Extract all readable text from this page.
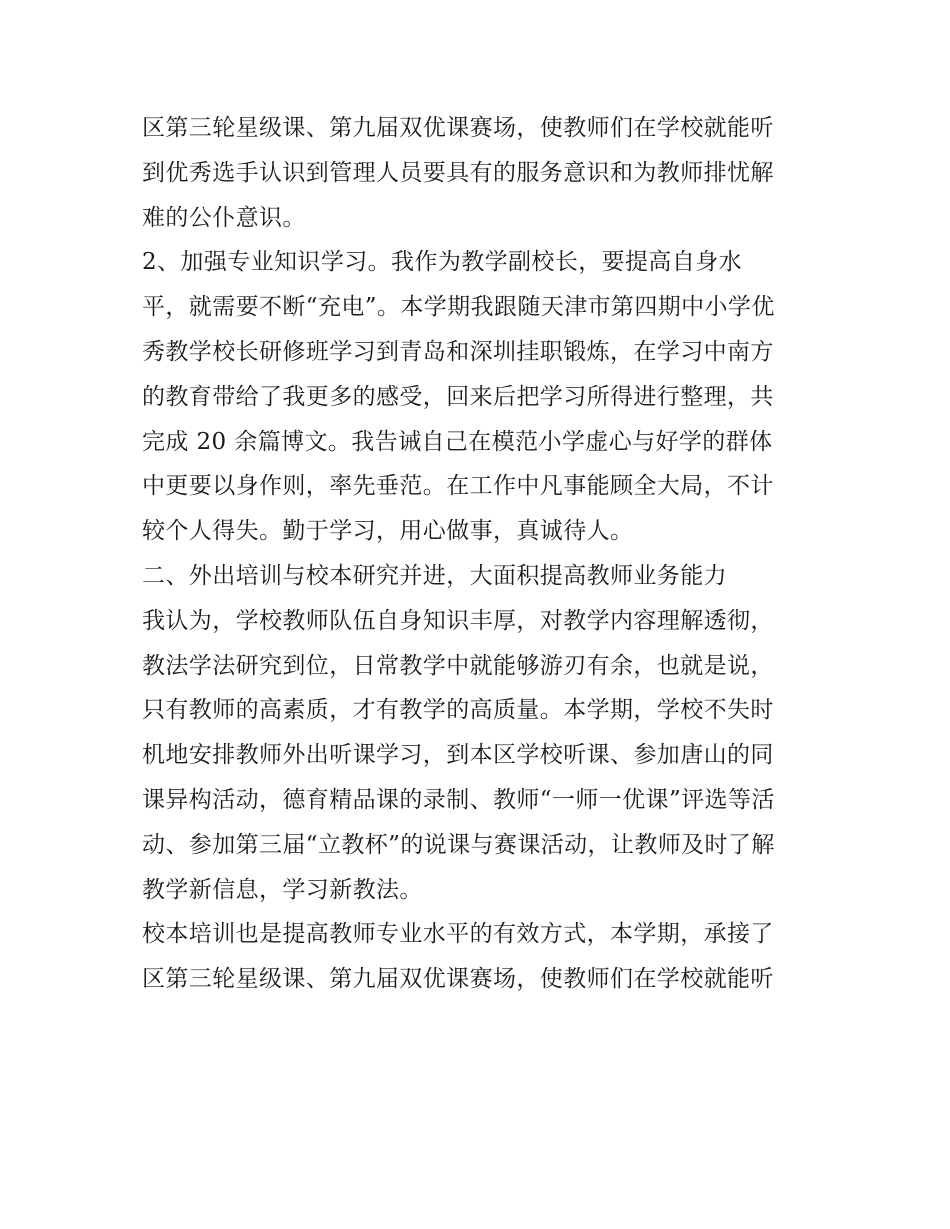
区第三轮星级课、第九届双优课赛场，使教师们在学校就能听
到优秀选手认识到管理人员要具有的服务意识和为教师排忧解
难的公仆意识。
2、加强专业知识学习。我作为教学副校长，要提高自身水
平，就需要不断“充电”。本学期我跟随天津市第四期中小学优
秀教学校长研修班学习到青岛和深圳挂职锻炼，在学习中南方
的教育带给了我更多的感受，回来后把学习所得进行整理，共
完成 20 余篇博文。我告诫自己在模范小学虚心与好学的群体
中更要以身作则，率先垂范。在工作中凡事能顾全大局，不计
较个人得失。勤于学习，用心做事，真诚待人。
二、外出培训与校本研究并进，大面积提高教师业务能力
我认为，学校教师队伍自身知识丰厚，对教学内容理解透彻，
教法学法研究到位，日常教学中就能够游刃有余，也就是说，
只有教师的高素质，才有教学的高质量。本学期，学校不失时
机地安排教师外出听课学习，到本区学校听课、参加唐山的同
课异构活动，德育精品课的录制、教师“一师一优课”评选等活
动、参加第三届“立教杯”的说课与赛课活动，让教师及时了解
教学新信息，学习新教法。
校本培训也是提高教师专业水平的有效方式，本学期，承接了
区第三轮星级课、第九届双优课赛场，使教师们在学校就能听
